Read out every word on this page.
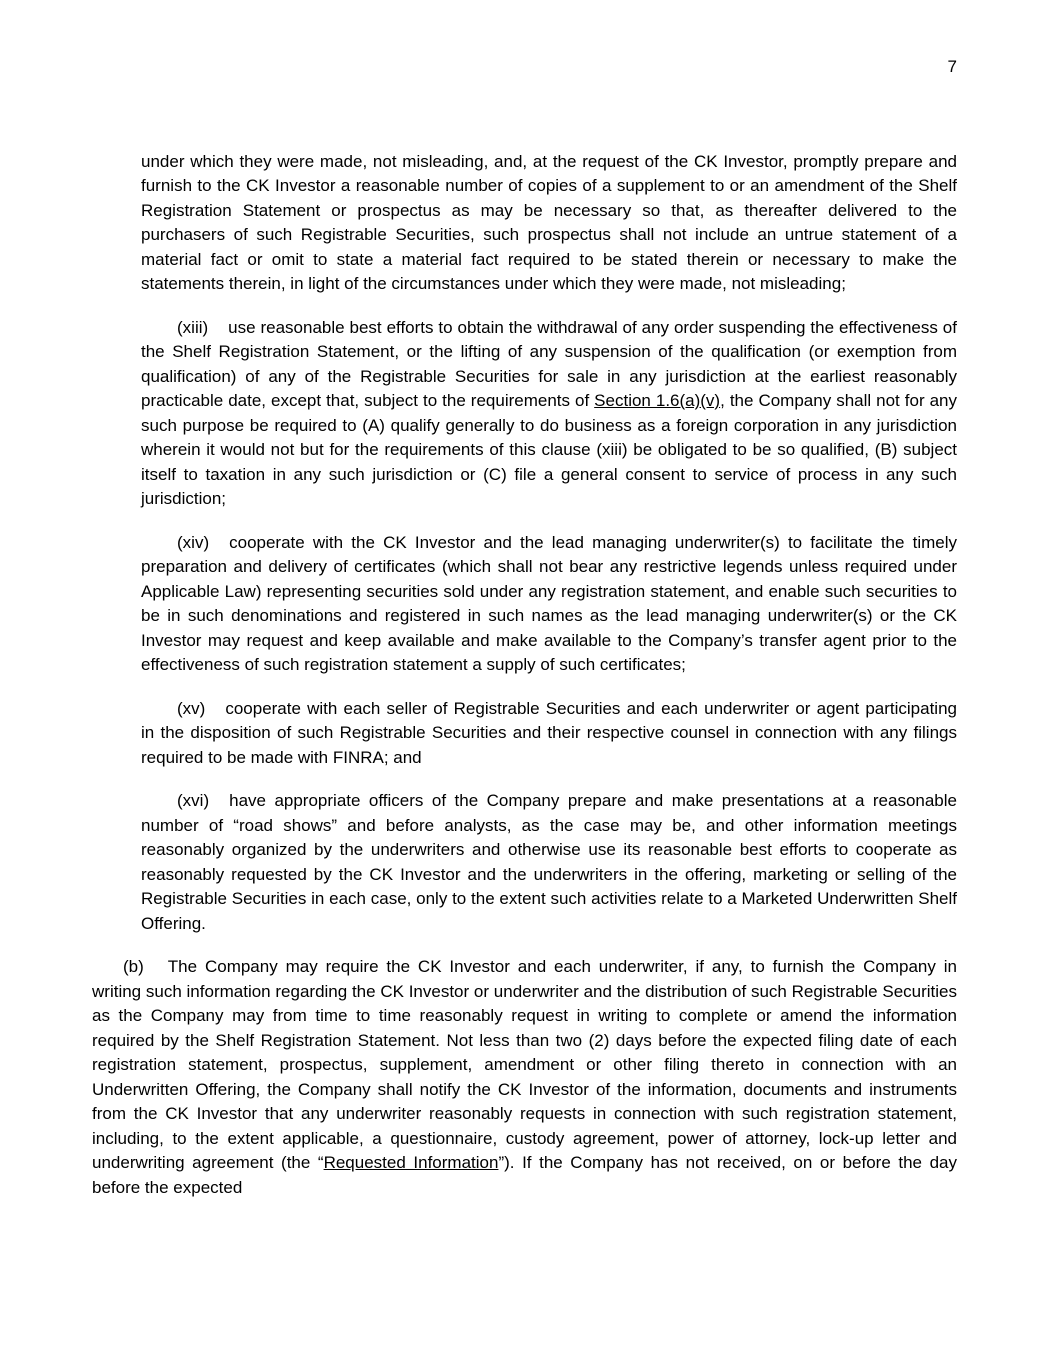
7

under which they were made, not misleading, and, at the request of the CK Investor, promptly prepare and furnish to the CK Investor a reasonable number of copies of a supplement to or an amendment of the Shelf Registration Statement or prospectus as may be necessary so that, as thereafter delivered to the purchasers of such Registrable Securities, such prospectus shall not include an untrue statement of a material fact or omit to state a material fact required to be stated therein or necessary to make the statements therein, in light of the circumstances under which they were made, not misleading;

(xiii) use reasonable best efforts to obtain the withdrawal of any order suspending the effectiveness of the Shelf Registration Statement, or the lifting of any suspension of the qualification (or exemption from qualification) of any of the Registrable Securities for sale in any jurisdiction at the earliest reasonably practicable date, except that, subject to the requirements of Section 1.6(a)(v), the Company shall not for any such purpose be required to (A) qualify generally to do business as a foreign corporation in any jurisdiction wherein it would not but for the requirements of this clause (xiii) be obligated to be so qualified, (B) subject itself to taxation in any such jurisdiction or (C) file a general consent to service of process in any such jurisdiction;

(xiv) cooperate with the CK Investor and the lead managing underwriter(s) to facilitate the timely preparation and delivery of certificates (which shall not bear any restrictive legends unless required under Applicable Law) representing securities sold under any registration statement, and enable such securities to be in such denominations and registered in such names as the lead managing underwriter(s) or the CK Investor may request and keep available and make available to the Company’s transfer agent prior to the effectiveness of such registration statement a supply of such certificates;

(xv) cooperate with each seller of Registrable Securities and each underwriter or agent participating in the disposition of such Registrable Securities and their respective counsel in connection with any filings required to be made with FINRA; and

(xvi) have appropriate officers of the Company prepare and make presentations at a reasonable number of “road shows” and before analysts, as the case may be, and other information meetings reasonably organized by the underwriters and otherwise use its reasonable best efforts to cooperate as reasonably requested by the CK Investor and the underwriters in the offering, marketing or selling of the Registrable Securities in each case, only to the extent such activities relate to a Marketed Underwritten Shelf Offering.

(b) The Company may require the CK Investor and each underwriter, if any, to furnish the Company in writing such information regarding the CK Investor or underwriter and the distribution of such Registrable Securities as the Company may from time to time reasonably request in writing to complete or amend the information required by the Shelf Registration Statement. Not less than two (2) days before the expected filing date of each registration statement, prospectus, supplement, amendment or other filing thereto in connection with an Underwritten Offering, the Company shall notify the CK Investor of the information, documents and instruments from the CK Investor that any underwriter reasonably requests in connection with such registration statement, including, to the extent applicable, a questionnaire, custody agreement, power of attorney, lock-up letter and underwriting agreement (the “Requested Information”). If the Company has not received, on or before the day before the expected
